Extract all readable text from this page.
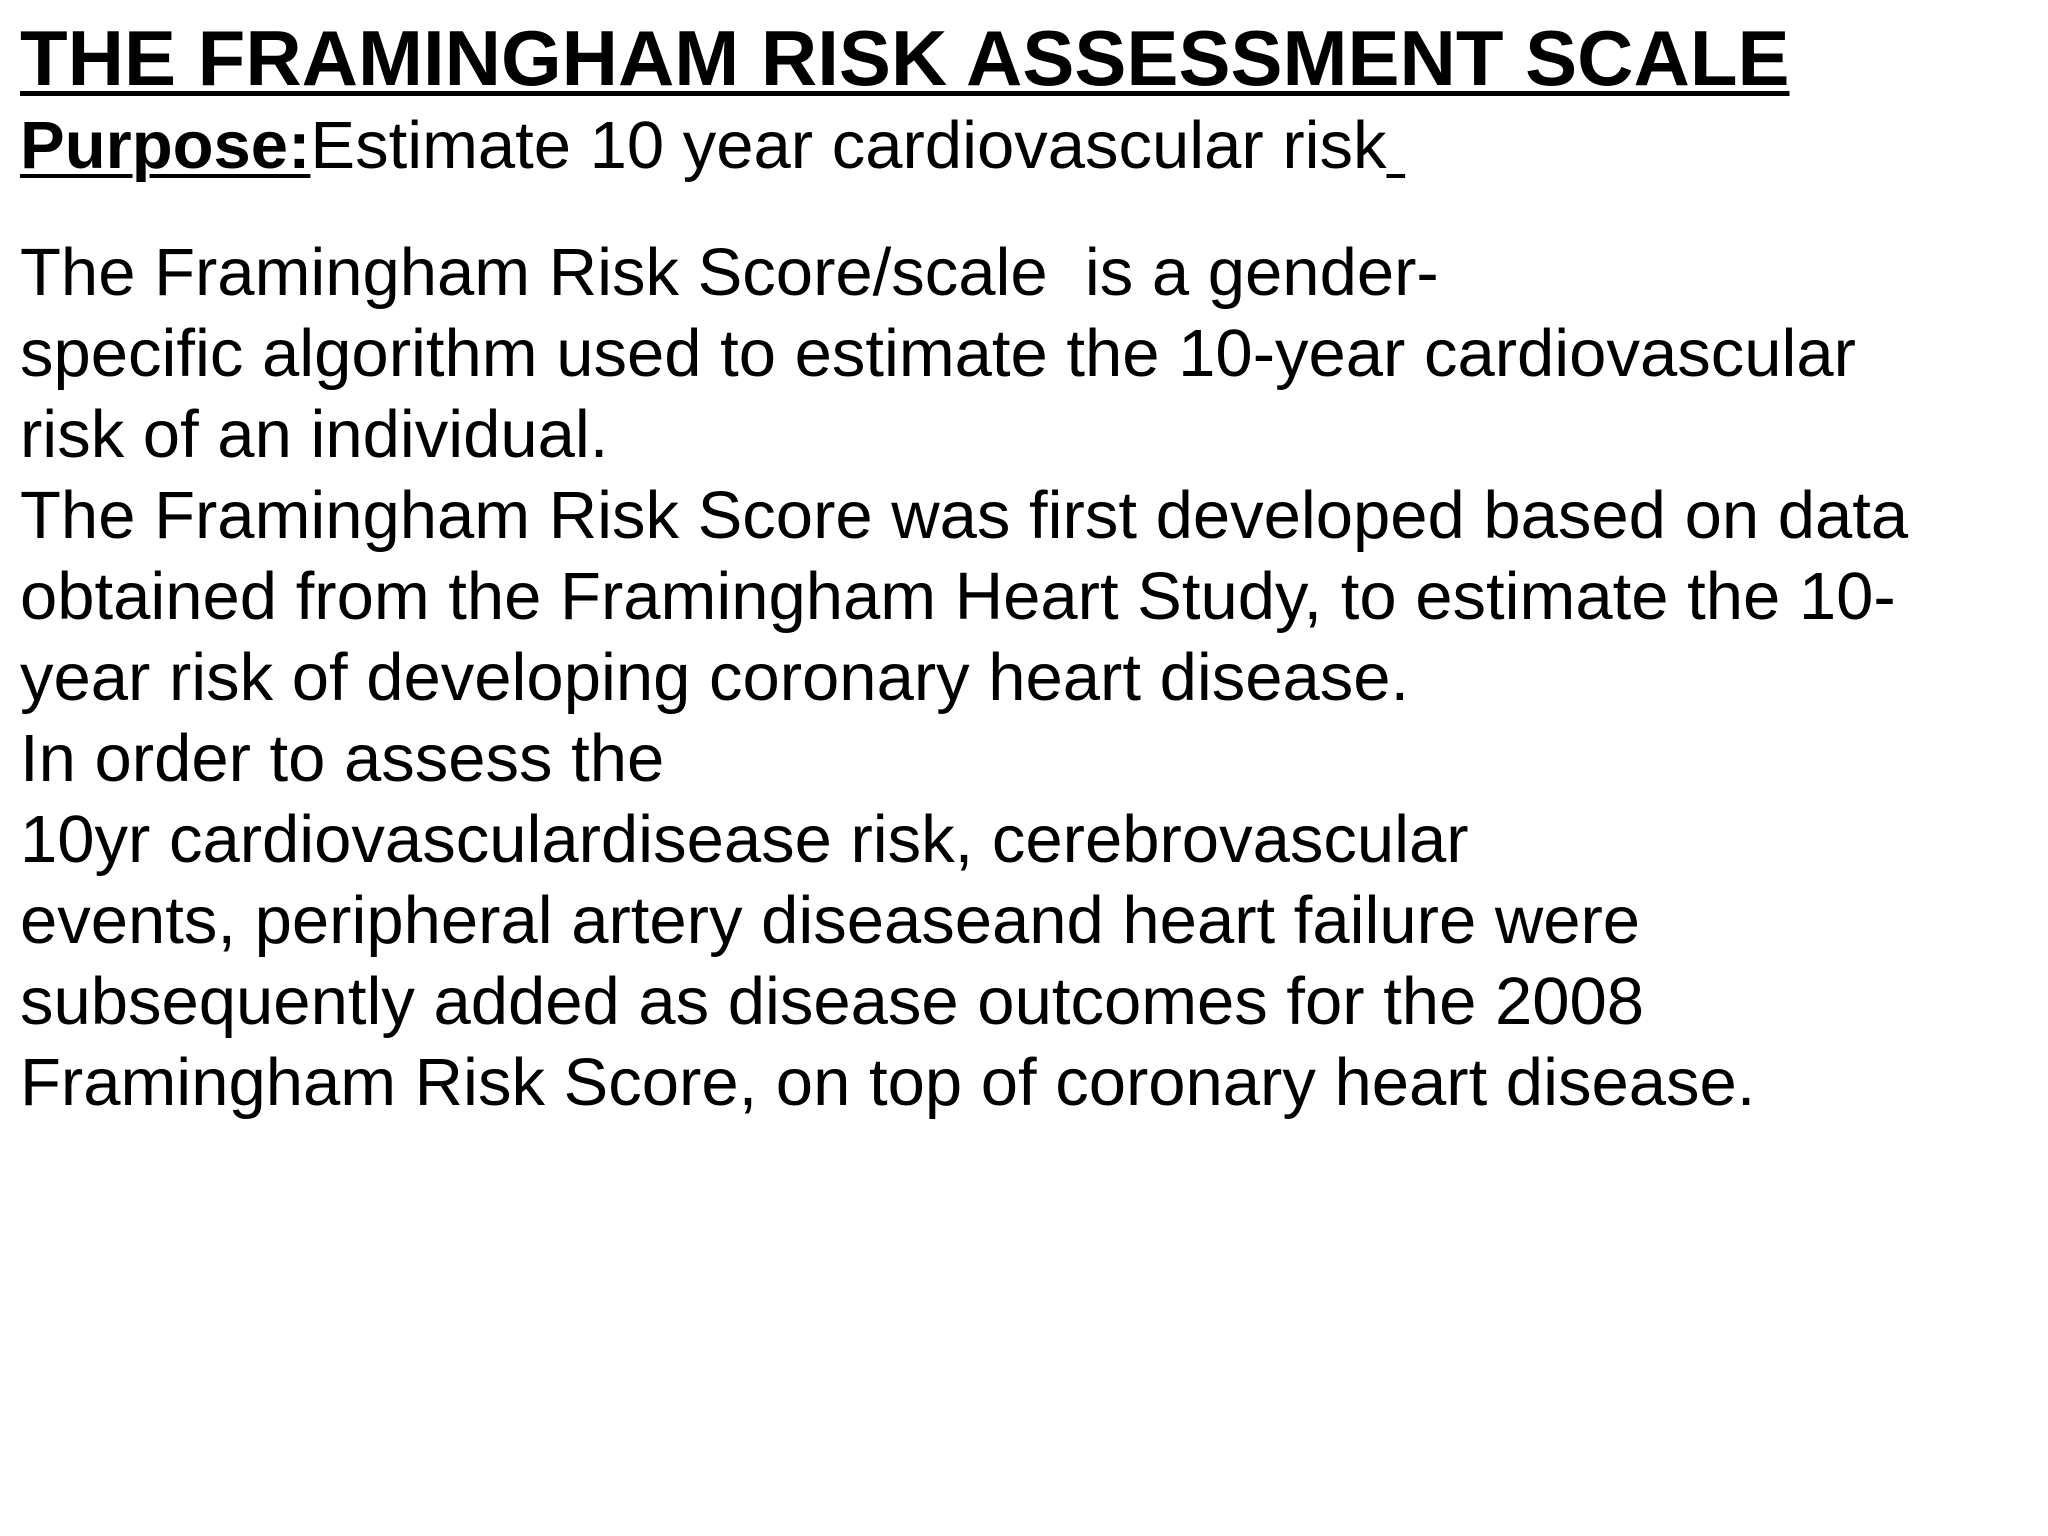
THE FRAMINGHAM RISK ASSESSMENT SCALE
Purpose:Estimate 10 year cardiovascular risk
The Framingham Risk Score/scale  is a gender-
specific algorithm used to estimate the 10-year cardiovascular
risk of an individual.
The Framingham Risk Score was first developed based on data
obtained from the Framingham Heart Study, to estimate the 10-
year risk of developing coronary heart disease.
In order to assess the
10yr cardiovasculardisease risk, cerebrovascular
events, peripheral artery diseaseand heart failure were
subsequently added as disease outcomes for the 2008
Framingham Risk Score, on top of coronary heart disease.
